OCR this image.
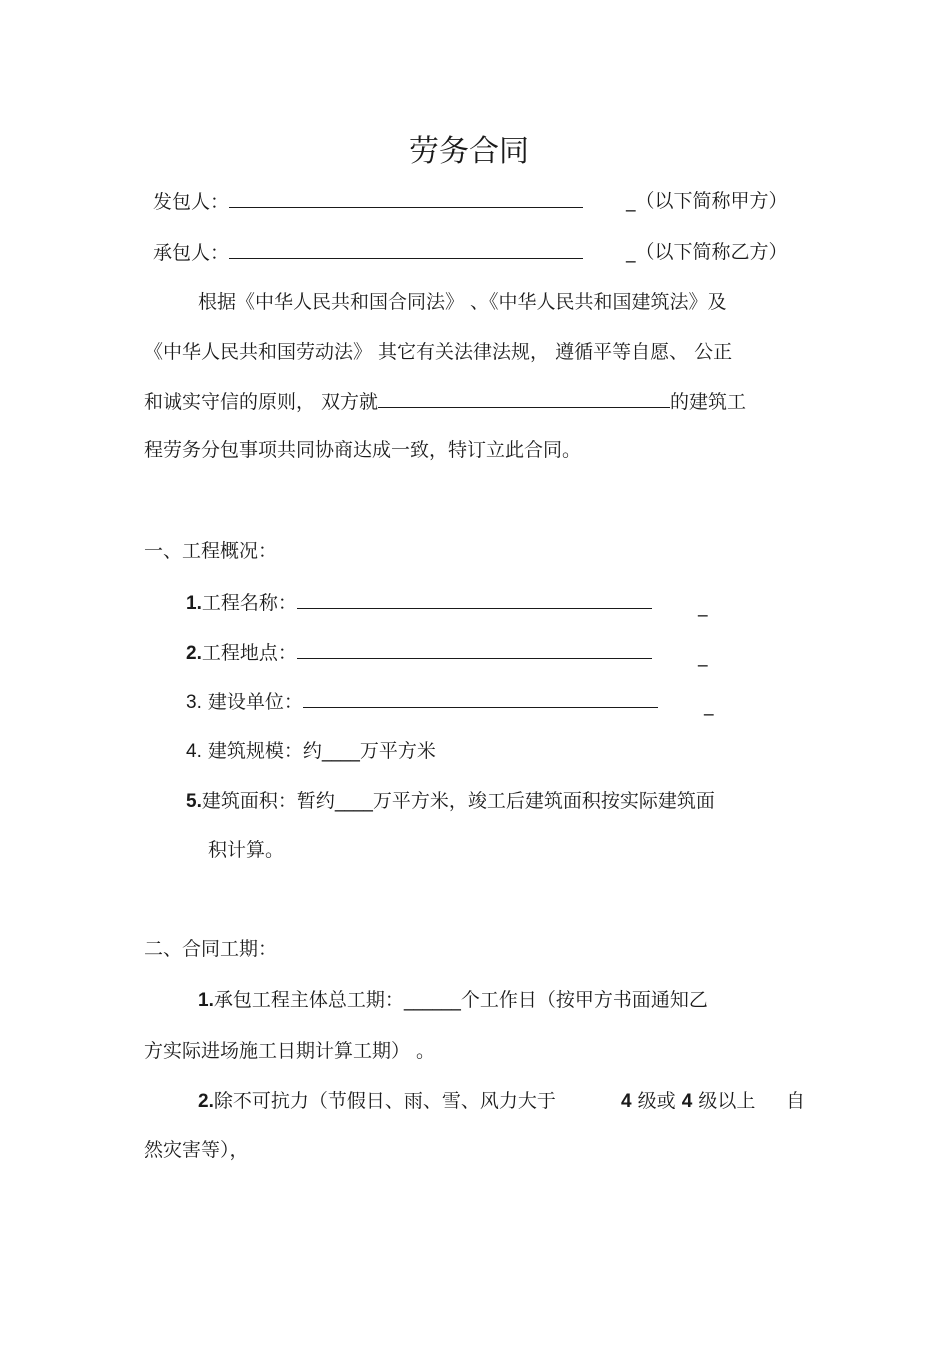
劳务合同
发包人：	_（以下简称甲方）
承包人：	_（以下简称乙方）
根据《中华人民共和国合同法》 、《中华人民共和国建筑法》及
《中华人民共和国劳动法》 其它有关法律法规， 遵循平等自愿、 公正
和诚实守信的原则， 双方就	的建筑工
程劳务分包事项共同协商达成一致，特订立此合同。
一、工程概况：
1.工程名称：	_
2.工程地点：	_
3. 建设单位：	_
4. 建筑规模：约____万平方米
5.建筑面积：暂约____万平方米，竣工后建筑面积按实际建筑面
积计算。
二、合同工期：
1.承包工程主体总工期：______个工作日（按甲方书面通知乙
方实际进场施工日期计算工期） 。
2.除不可抗力（节假日、雨、雪、风力大于	4 级或 4 级以上 自
然灾害等），
